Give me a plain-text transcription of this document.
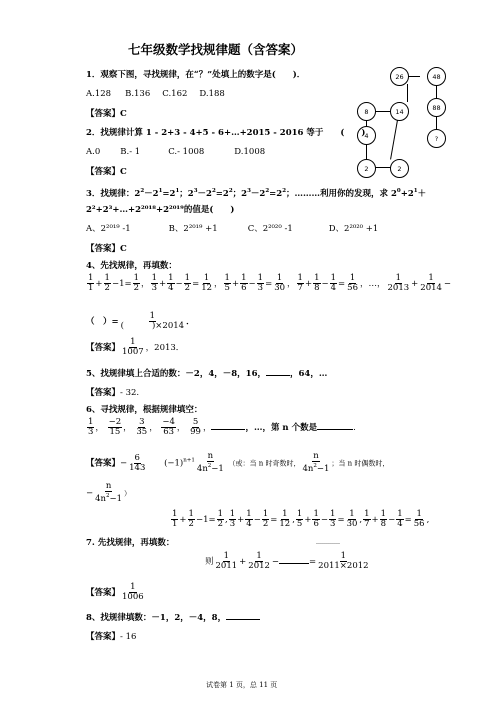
七年级数学找规律题（含答案）
26	48
8	14	88
4	?
2	2
1．观察下图，寻找规律，在“？”处填上的数字是(　　)．
A.128 B.136 C.162 D.188
【答案】C
2．找规律计算 1 - 2+3 - 4+5 - 6+…+2015 - 2016 等于　　(　　)
A.0 B.- 1	C.- 1008	D.1008
【答案】C
3．找规律：$2^2-2^1=2^1$；$2^3-2^2=2^2$；$2^3-2^2=2^2$；………利用你的发现，求 $2^0+2^1+$
2²+2³+…+2²⁰¹⁸+2²⁰¹⁹的值是(　　)
A、2²⁰¹⁹ -1	B、2²⁰¹⁹ +1	C、2²⁰²⁰ -1	D、2²⁰²⁰ +1
【答案】C
4、先找规律，再填数：
$\frac{1}{1} + \frac{1}{2} -1= \frac{1}{2}$ ， $\frac{1}{3} + \frac{1}{4} - \frac{1}{2} = \frac{1}{12}$ ， $\frac{1}{5} + \frac{1}{6} - \frac{1}{3} = \frac{1}{30}$ ， $\frac{1}{7} + \frac{1}{8} - \frac{1}{4} = \frac{1}{56}$ ，…， $\frac{1}{2013} + \frac{1}{2014}$ −
（　）= 1
(	)×2014 ．
【答案】 $\frac{1}{1007}$ ，2013．
5、找规律填上合适的数：－2，4，－8，16，	，64，…
【答案】- 32.
6、寻找规律，根据规律填空：
$\frac{1}{3}$ ， $\frac{-2}{15}$ ， $\frac{3}{35}$ ， $\frac{-4}{63}$ ， $\frac{5}{99}$ ，	，…，第 n 个数是	.
【答案】− $\frac{6}{143} (-1)^{n+1} \frac{n}{4n^2-1}$ （或：当 n 时奇数时， $\frac{n}{4n^2-1}$ ；当 n 时偶数时，
− $\frac{n}{4n^2-1}$ ）
$\frac{1}{1} + \frac{1}{2} -1= \frac{1}{2}$ , $\frac{1}{3} + \frac{1}{4} - \frac{1}{2} = \frac{1}{12}$ , $\frac{1}{5} + \frac{1}{6} - \frac{1}{3} = \frac{1}{30}$ , $\frac{1}{7} + \frac{1}{8} - \frac{1}{4} = \frac{1}{56}$ ,
7. 先找规律，再填数：	…………
则 $\frac{1}{2011} + \frac{1}{2012}$ −	= $\frac{1}{2011\times 2012}$
【答案】 $\frac{1}{1006}$
8、找规律填数：－1，2，－4，8，
【答案】- 16
试卷第 1 页，总 11 页
